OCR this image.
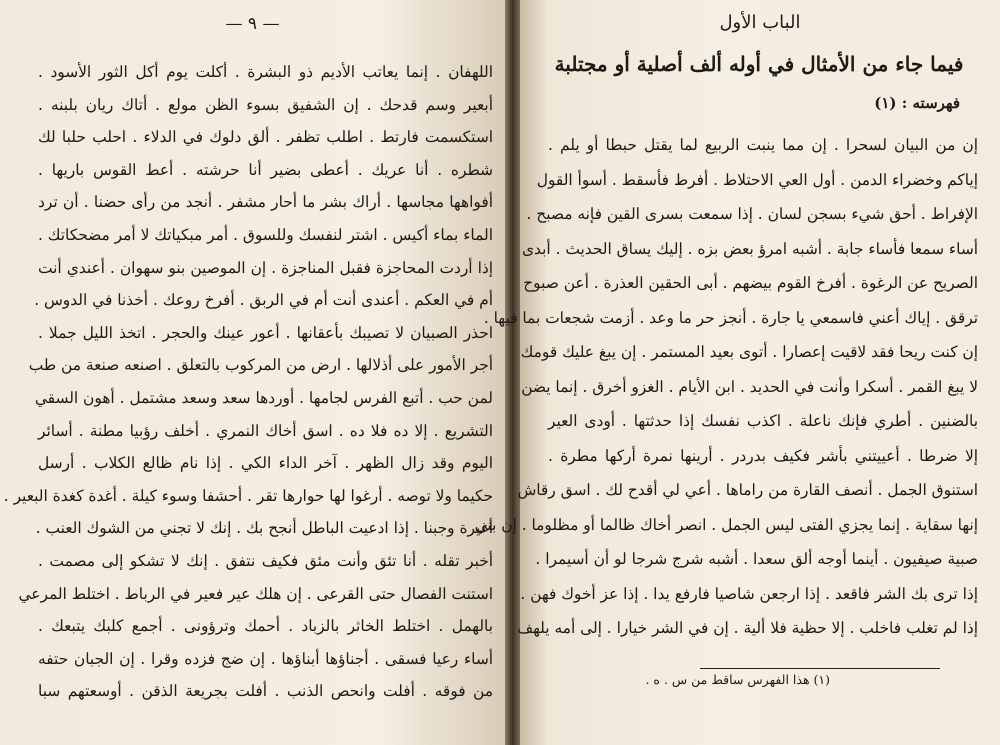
— ٩ —
اللهفان . إنما يعاتب الأديم ذو البشرة . أكلت يوم أكل الثور الأسود .
أبعير وسم قدحك . إن الشفيق بسوء الظن مولع . أتاك ريان بلبنه .
استكسمت فارتط . اطلب تظفر . ألق دلوك في الدلاء . احلب حلبا لك
شطره . أنا عريك . أعطى بضير أنا حرشته . أعط القوس باريها .
أفواهها مجاسها . أراك بشر ما أحار مشفر . أنجد من رأى حضنا . أن ترد
الماء بماء أكيس . اشتر لنفسك وللسوق . أمر مبكياتك لا أمر مضحكاتك .
إذا أردت المحاجزة فقبل المناجزة . إن الموصين بنو سهوان . أعندي أنت
أم في العكم . أعندى أنت أم في الربق . أفرخ روعك . أخذنا في الدوس .
احذر الصبيان لا تصيبك بأعقانها . أعور عينك والحجر . اتخذ الليل جملا .
أجر الأمور على أذلالها . ارض من المركوب بالتعلق . اصنعه صنعة من طب
لمن حب . أتبع الفرس لجامها . أوردها سعد وسعد مشتمل . أهون السقي
التشريع . إلا ده فلا ده . اسق أخاك النمري . أخلف رؤبيا مطنة . أسائر
اليوم وقد زال الظهر . آخر الداء الكي . إذا نام ظالع الكلاب . أرسل
حكيما ولا توصه . أرغوا لها حوارها تقر . أحشفا وسوء كيلة . أغدة كغدة البعير .
أغيرة وجبنا . إذا ادعيت الباطل أنجح بك . إنك لا تجني من الشوك العنب .
أخبر تقله . أنا تئق وأنت مئق فكيف نتفق . إنك لا تشكو إلى مصمت .
استنت الفصال حتى القرعى . إن هلك عير فعير في الرباط . اختلط المرعي
بالهمل . اختلط الخاثر بالزباد . أحمك وترؤونى . أجمع كلبك يتبعك .
أساء رعيا فسقى . أجناؤها أبناؤها . إن ضج فزده وقرا . إن الجبان حتفه
من فوقه . أفلت وانحص الذنب . أفلت بجريعة الذقن . أوسعتهم سبا
الباب الأول
فيما جاء من الأمثال في أوله ألف أصلية أو مجتلبة
فهرسته : (١)
إن من البيان لسحرا . إن مما ينبت الربيع لما يقتل حبطا أو يلم .
إياكم وخضراء الدمن . أول العي الاحتلاط . أفرط فأسقط . أسوأ القول
الإفراط . أحق شيء بسجن لسان . إذا سمعت بسرى القين فإنه مصبح .
أساء سمعا فأساء جابة . أشبه امرؤ بعض بزه . إليك يساق الحديث . أبدى
الصريح عن الرغوة . أفرخ القوم بيضهم . أبى الحقين العذرة . أعن صبوح
ترقق . إياك أعني فاسمعي يا جارة . أنجز حر ما وعد . أزمت شجعات بما فيها .
إن كنت ريحا فقد لاقيت إعصارا . أتوى بعيد المستمر . إن يبغ عليك قومك
لا يبغ القمر . أسكرا وأنت في الحديد . ابن الأيام . الغزو أخرق . إنما يضن
بالضنين . أطري فإنك ناعلة . اكذب نفسك إذا حدثتها . أودى العير
إلا ضرطا . أعييتني بأشر فكيف بدردر . أرينها نمرة أركها مطرة .
استنوق الجمل . أنصف القارة من راماها . أعي لي أقدح لك . اسق رقاش
إنها سقاية . إنما يجزي الفتى ليس الجمل . انصر أخاك ظالما أو مظلوما . إن بني
صبية صيفيون . أينما أوجه ألق سعدا . أشبه شرج شرجا لو أن أسيمرا .
إذا ترى بك الشر فاقعد . إذا ارجعن شاصيا فارفع يدا . إذا عز أخوك فهن .
إذا لم تغلب فاخلب . إلا حظية فلا ألية . إن في الشر خيارا . إلى أمه يلهف
(١) هذا الفهرس ساقط من س . ه .
